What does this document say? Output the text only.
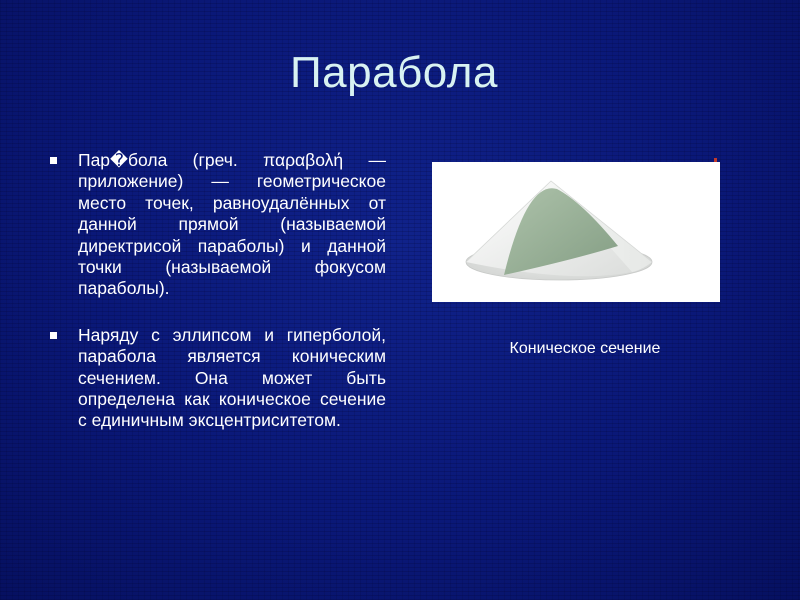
Парабола
Пар�бола (греч. παραβολή — приложение) — геометрическое место точек, равноудалённых от данной прямой (называемой директрисой параболы) и данной точки (называемой фокусом параболы).
Наряду с эллипсом и гиперболой, парабола является коническим сечением. Она может быть определена как коническое сечение с единичным эксцентриситетом.
Коническое сечение
